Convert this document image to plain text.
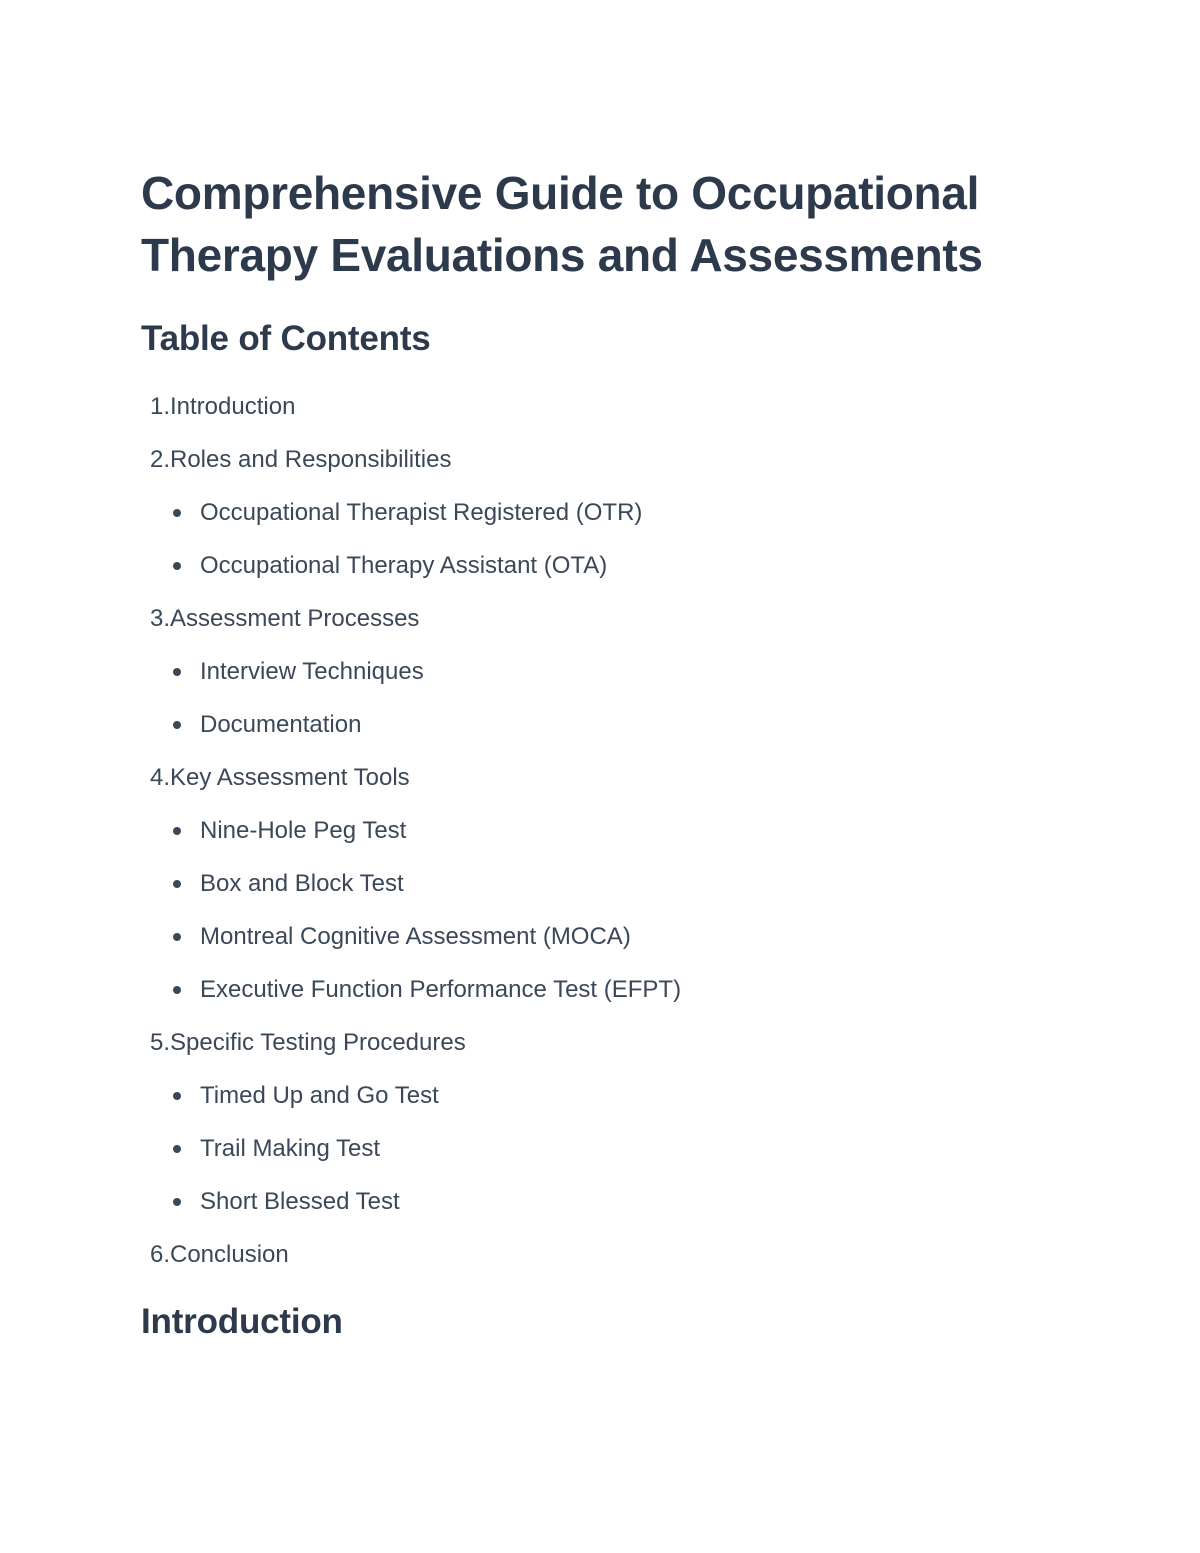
Comprehensive Guide to Occupational Therapy Evaluations and Assessments
Table of Contents
1.Introduction
2.Roles and Responsibilities
Occupational Therapist Registered (OTR)
Occupational Therapy Assistant (OTA)
3.Assessment Processes
Interview Techniques
Documentation
4.Key Assessment Tools
Nine-Hole Peg Test
Box and Block Test
Montreal Cognitive Assessment (MOCA)
Executive Function Performance Test (EFPT)
5.Specific Testing Procedures
Timed Up and Go Test
Trail Making Test
Short Blessed Test
6.Conclusion
Introduction
